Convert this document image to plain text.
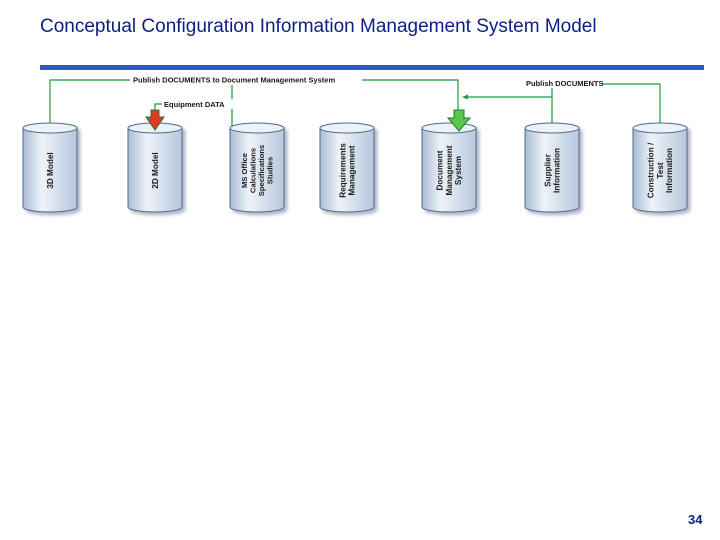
Conceptual Configuration Information Management System Model
Publish DOCUMENTS to Document Management System
Equipment DATA
Publish DOCUMENTS
3D Model	2D Model	MS OfficeCalculationsSpecificationsStudies	RequirementsManagement	DocumentManagementSystem	SupplierInformation	Construction /TestInformation
34
